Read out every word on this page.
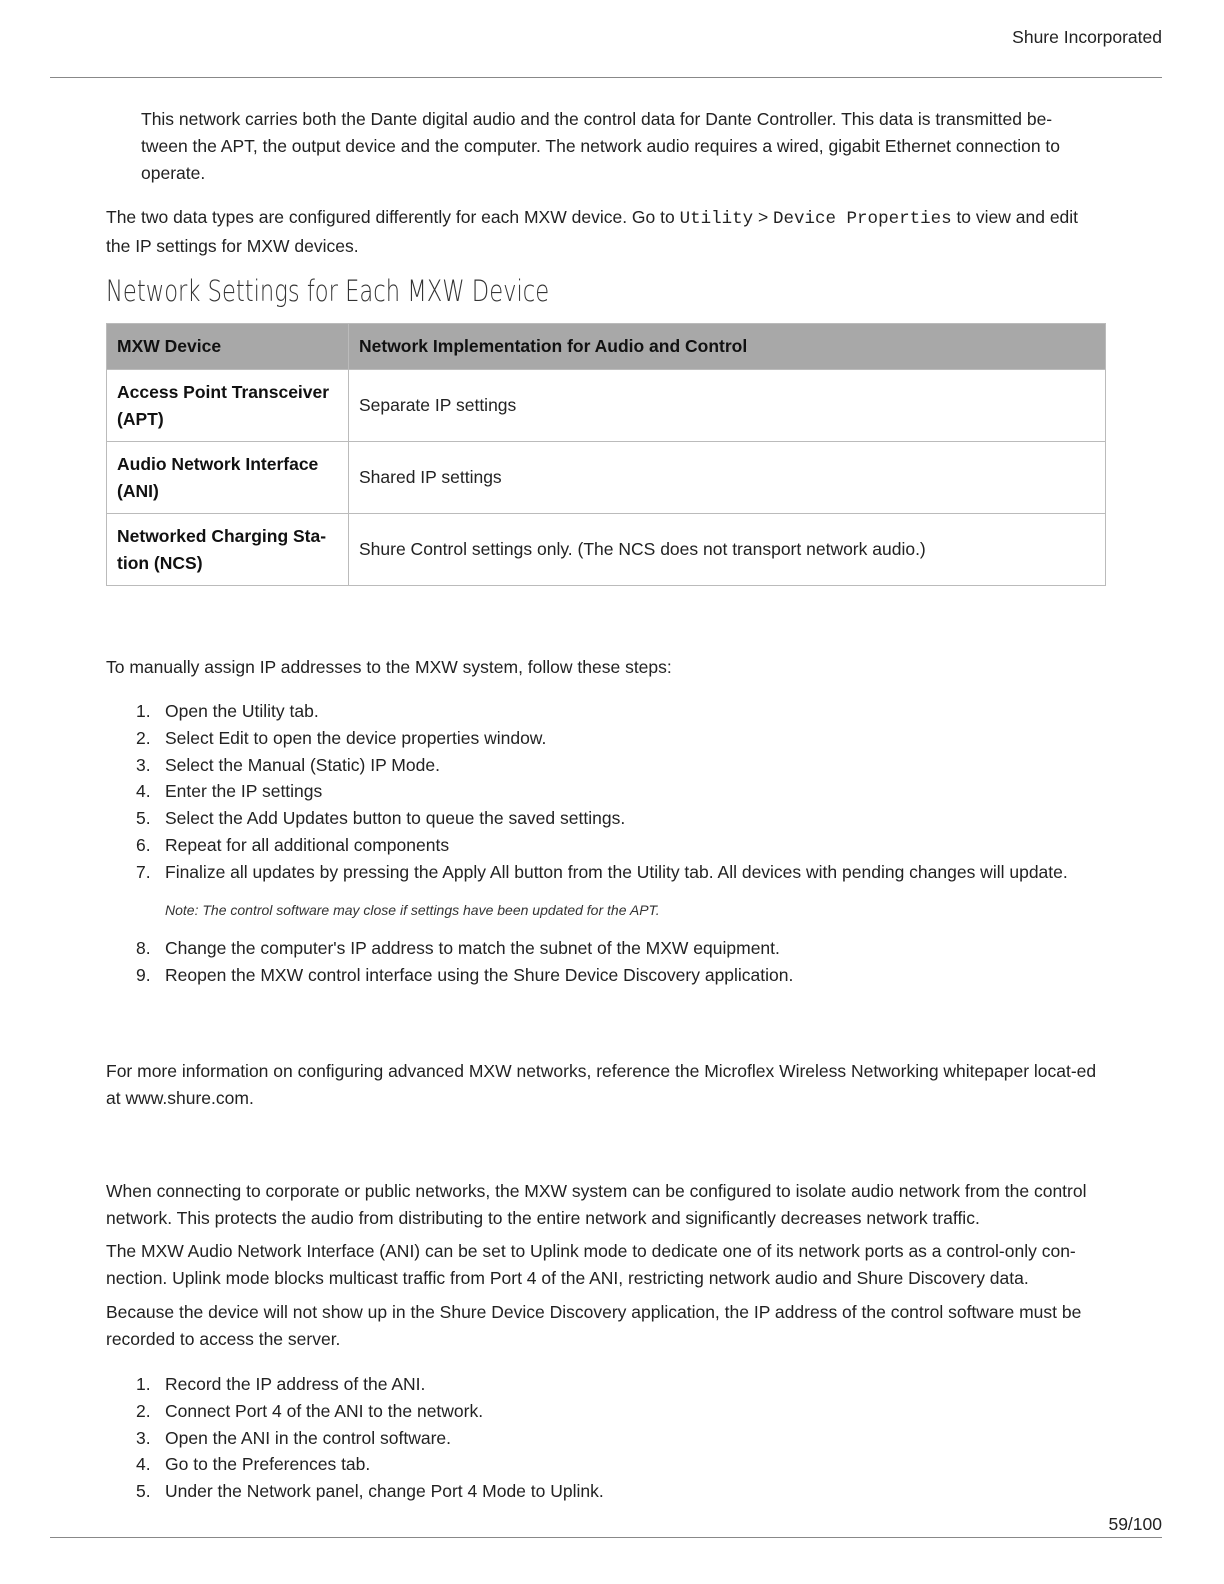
Shure Incorporated

This network carries both the Dante digital audio and the control data for Dante Controller. This data is transmitted be-tween the APT, the output device and the computer. The network audio requires a wired, gigabit Ethernet connection to operate.

The two data types are configured differently for each MXW device. Go to Utility > Device Properties to view and edit the IP settings for MXW devices.

Network Settings for Each MXW Device
MXW Device	Network Implementation for Audio and Control
Access Point Transceiver (APT)	Separate IP settings
Audio Network Interface (ANI)	Shared IP settings
Networked Charging Sta-tion (NCS)	Shure Control settings only. (The NCS does not transport network audio.)

To manually assign IP addresses to the MXW system, follow these steps:

1. Open the Utility tab.
2. Select Edit to open the device properties window.
3. Select the Manual (Static) IP Mode.
4. Enter the IP settings
5. Select the Add Updates button to queue the saved settings.
6. Repeat for all additional components
7. Finalize all updates by pressing the Apply All button from the Utility tab. All devices with pending changes will update.

Note: The control software may close if settings have been updated for the APT.

8. Change the computer's IP address to match the subnet of the MXW equipment.
9. Reopen the MXW control interface using the Shure Device Discovery application.

For more information on configuring advanced MXW networks, reference the Microflex Wireless Networking whitepaper locat-ed at www.shure.com.

When connecting to corporate or public networks, the MXW system can be configured to isolate audio network from the control network. This protects the audio from distributing to the entire network and significantly decreases network traffic.

The MXW Audio Network Interface (ANI) can be set to Uplink mode to dedicate one of its network ports as a control-only con-nection. Uplink mode blocks multicast traffic from Port 4 of the ANI, restricting network audio and Shure Discovery data.

Because the device will not show up in the Shure Device Discovery application, the IP address of the control software must be recorded to access the server.

1. Record the IP address of the ANI.
2. Connect Port 4 of the ANI to the network.
3. Open the ANI in the control software.
4. Go to the Preferences tab.
5. Under the Network panel, change Port 4 Mode to Uplink.
59/100
